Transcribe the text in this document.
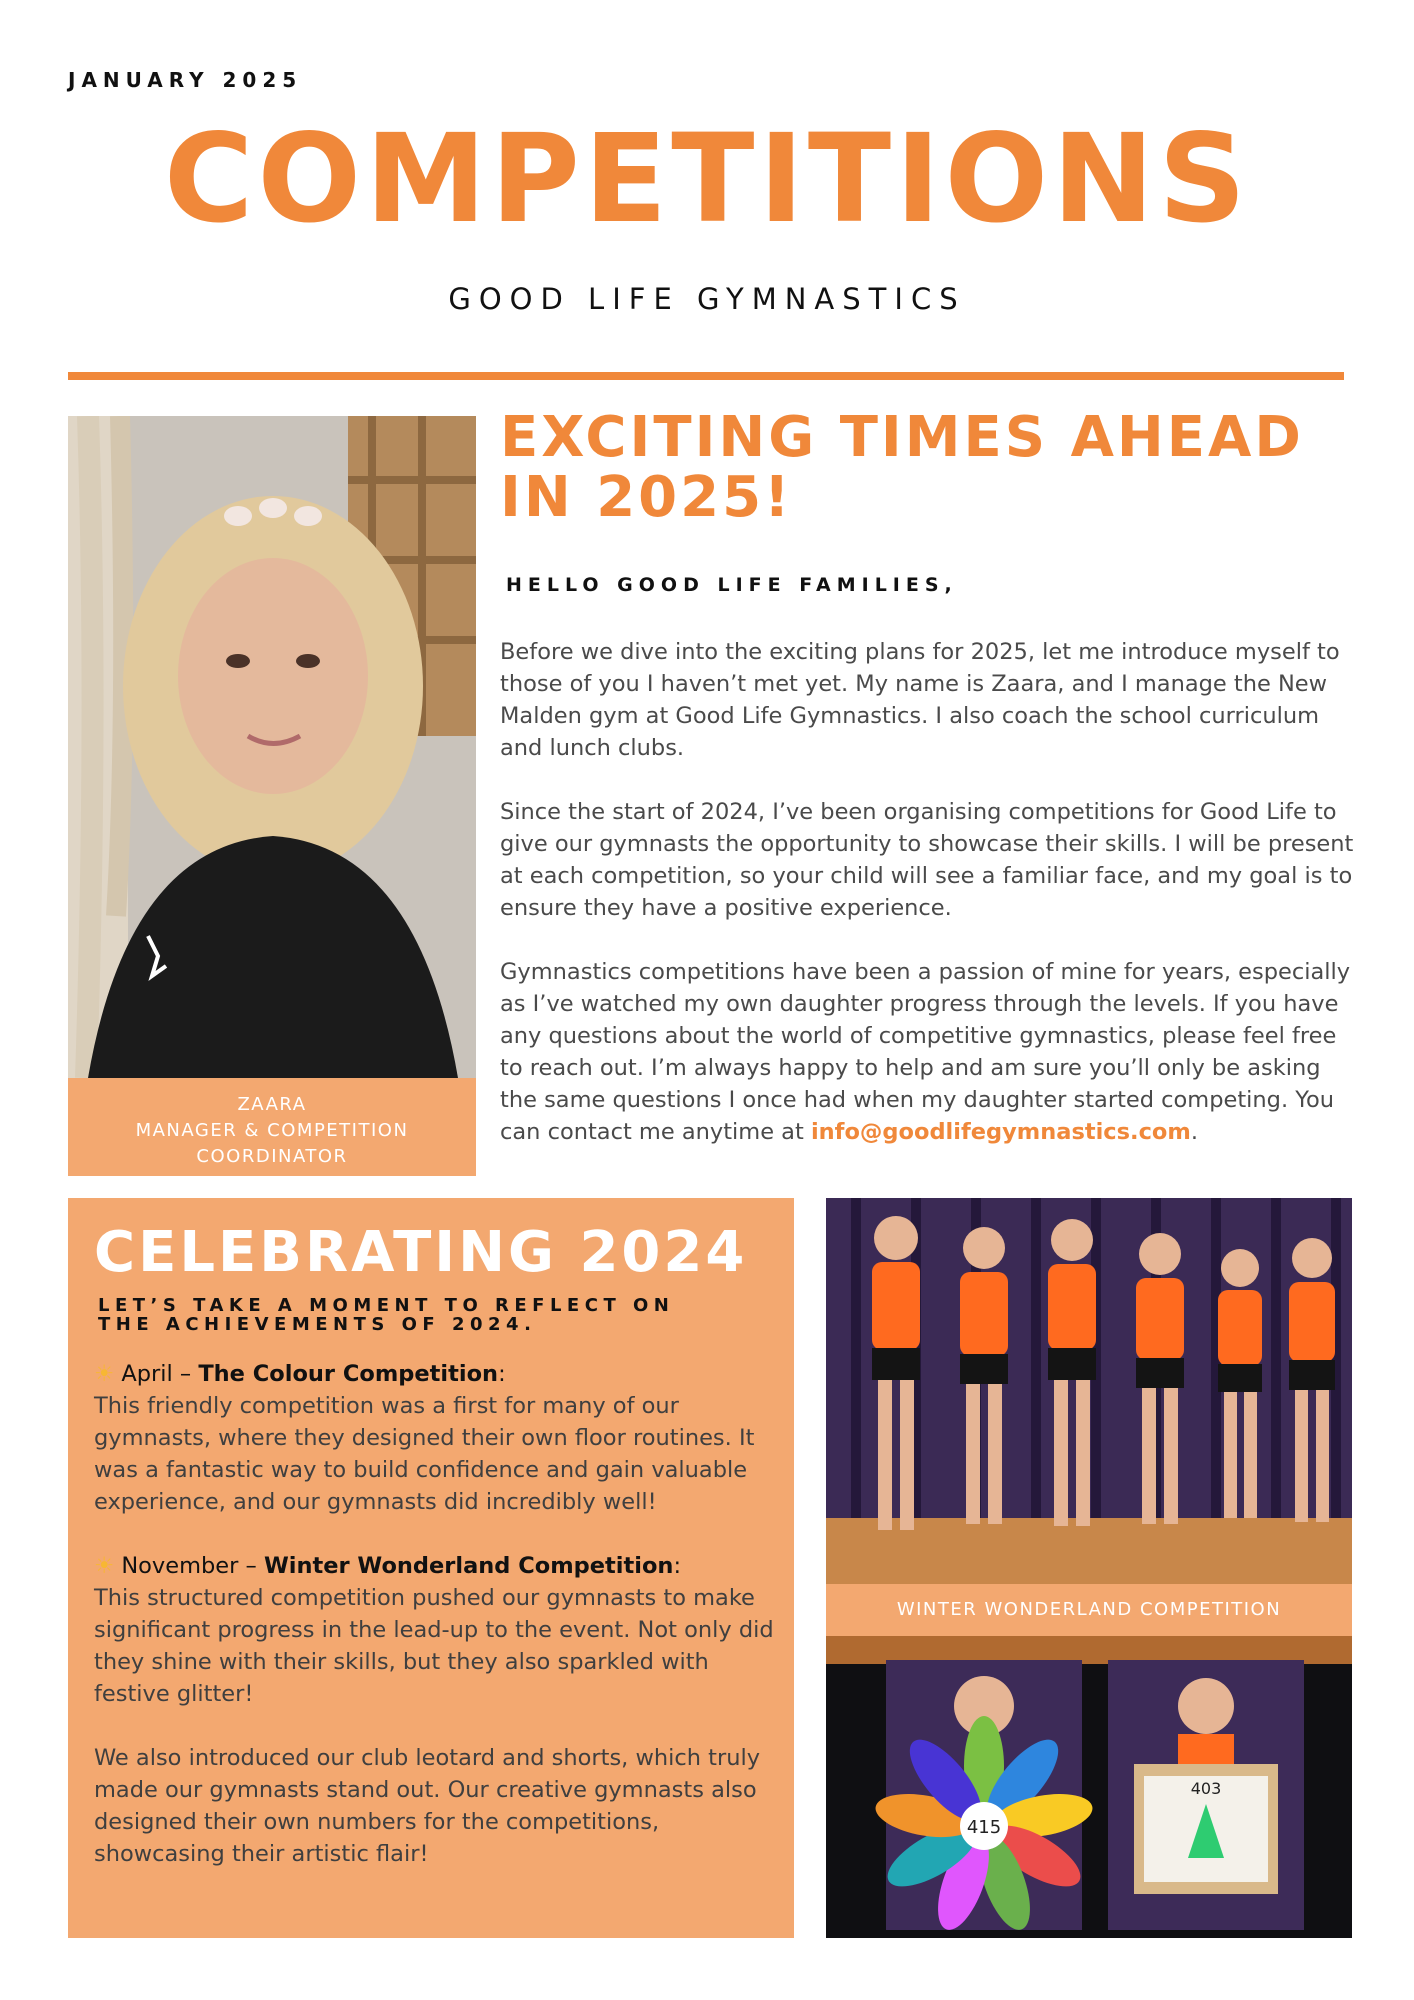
JANUARY 2025
COMPETITIONS
GOOD LIFE GYMNASTICS
ZAARA
MANAGER & COMPETITION
COORDINATOR
EXCITING TIMES AHEAD
IN 2025!
HELLO GOOD LIFE FAMILIES,

Before we dive into the exciting plans for 2025, let me introduce myself to those of you I haven’t met yet. My name is Zaara, and I manage the New Malden gym at Good Life Gymnastics. I also coach the school curriculum and lunch clubs.

Since the start of 2024, I’ve been organising competitions for Good Life to give our gymnasts the opportunity to showcase their skills. I will be present at each competition, so your child will see a familiar face, and my goal is to ensure they have a positive experience.

Gymnastics competitions have been a passion of mine for years, especially as I’ve watched my own daughter progress through the levels. If you have any questions about the world of competitive gymnastics, please feel free to reach out. I’m always happy to help and am sure you’ll only be asking the same questions I once had when my daughter started competing. You can contact me anytime at info@goodlifegymnastics.com.

CELEBRATING 2024
LET’S TAKE A MOMENT TO REFLECT ON THE ACHIEVEMENTS OF 2024.

☀ April – The Colour Competition:
This friendly competition was a first for many of our gymnasts, where they designed their own floor routines. It was a fantastic way to build confidence and gain valuable experience, and our gymnasts did incredibly well!

☀ November – Winter Wonderland Competition:
This structured competition pushed our gymnasts to make significant progress in the lead-up to the event. Not only did they shine with their skills, but they also sparkled with festive glitter!

We also introduced our club leotard and shorts, which truly made our gymnasts stand out. Our creative gymnasts also designed their own numbers for the competitions, showcasing their artistic flair!

WINTER WONDERLAND COMPETITION
415
403
